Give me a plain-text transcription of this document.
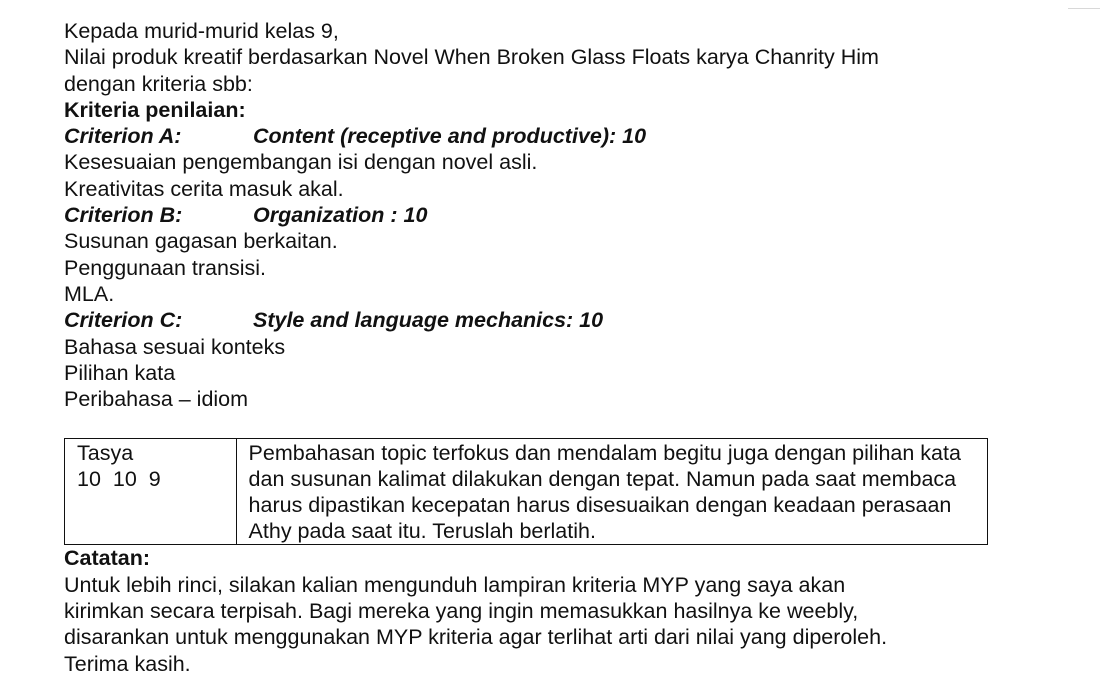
Kepada murid-murid kelas 9,
Nilai produk kreatif berdasarkan Novel When Broken Glass Floats karya Chanrity Him
dengan kriteria sbb:
Kriteria penilaian:
Criterion A:	Content (receptive and productive): 10
Kesesuaian pengembangan isi dengan novel asli.
Kreativitas cerita masuk akal.
Criterion B:	Organization : 10
Susunan gagasan berkaitan.
Penggunaan transisi.
MLA.
Criterion C:	Style and language mechanics: 10
Bahasa sesuai konteks
Pilihan kata
Peribahasa – idiom
Tasya
10 10 9
	Pembahasan topic terfokus dan mendalam begitu juga dengan pilihan kata dan susunan kalimat dilakukan dengan tepat. Namun pada saat membaca harus dipastikan kecepatan harus disesuaikan dengan keadaan perasaan Athy pada saat itu. Teruslah berlatih.
Catatan:
Untuk lebih rinci, silakan kalian mengunduh lampiran kriteria MYP yang saya akan
kirimkan secara terpisah. Bagi mereka yang ingin memasukkan hasilnya ke weebly,
disarankan untuk menggunakan MYP kriteria agar terlihat arti dari nilai yang diperoleh.
Terima kasih.
